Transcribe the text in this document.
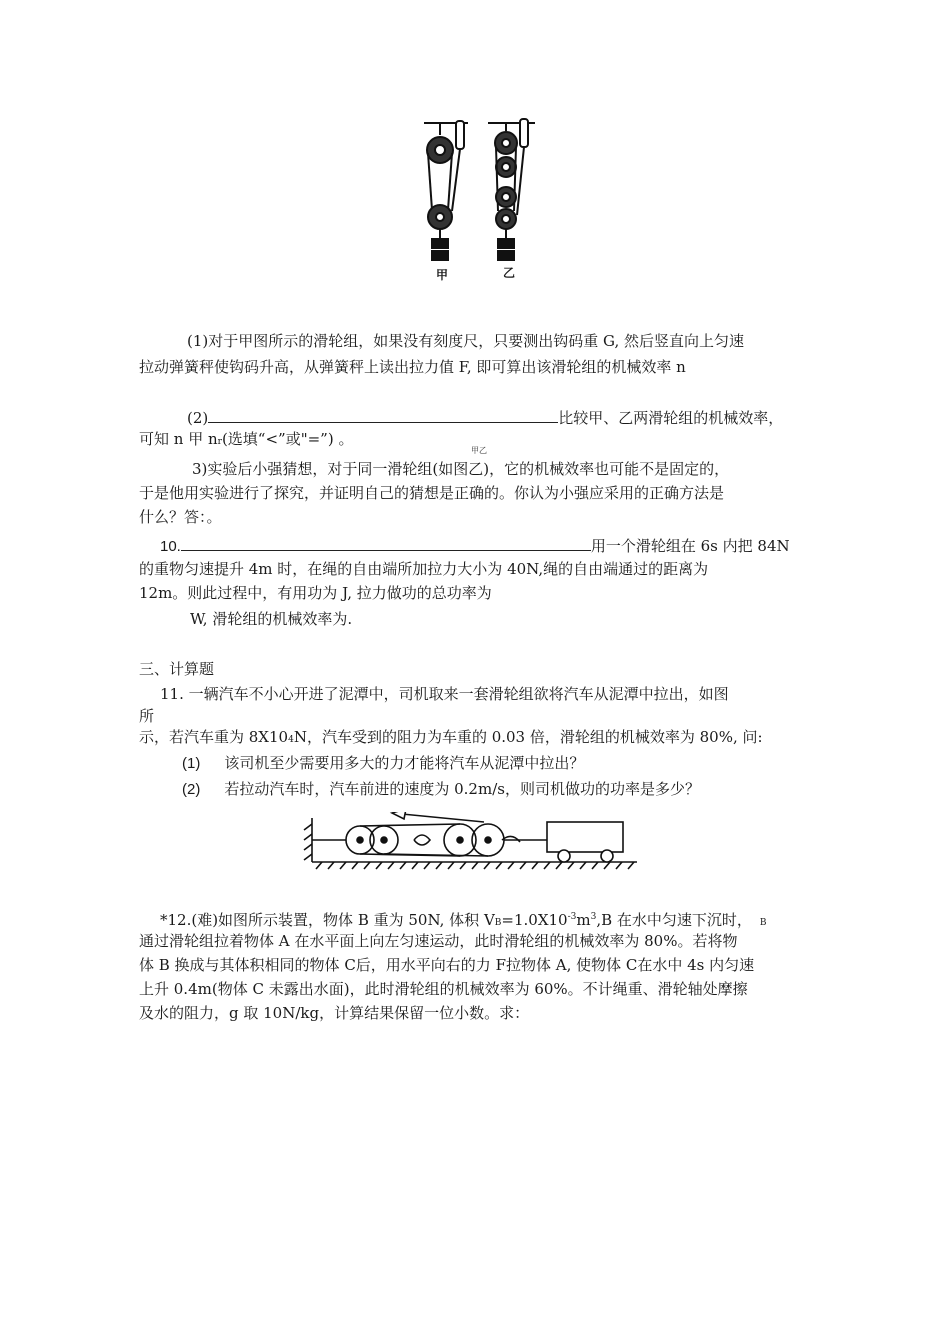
甲	乙
(1)对于甲图所示的滑轮组，如果没有刻度尺，只要测出钩码重 G, 然后竖直向上匀速
拉动弹簧秤使钩码升高，从弹簧秤上读出拉力值 F, 即可算出该滑轮组的机械效率 n
(2)	比较甲、乙两滑轮组的机械效率，
可知 n 甲 nr(选填“<”或"=”) 。
甲乙
3)实验后小强猜想，对于同一滑轮组(如图乙)，它的机械效率也可能不是固定的，
于是他用实验进行了探究，并证明自己的猜想是正确的。你认为小强应采用的正确方法是
什么？答：。
10.	用一个滑轮组在 6s 内把 84N
的重物匀速提升 4m 时，在绳的自由端所加拉力大小为 40N,绳的自由端通过的距离为
12m。则此过程中，有用功为 J, 拉力做功的总功率为
W, 滑轮组的机械效率为.
三、计算题
11. 一辆汽车不小心开进了泥潭中，司机取来一套滑轮组欲将汽车从泥潭中拉出，如图
所
示，若汽车重为 8X104N，汽车受到的阻力为车重的 0.03 倍，滑轮组的机械效率为 80%, 问:
(1) 该司机至少需要用多大的力才能将汽车从泥潭中拉出？
(2) 若拉动汽车时，汽车前进的速度为 0.2m/s，则司机做功的功率是多少？
*12.(难)如图所示装置，物体 B 重为 50N, 体积 $VB=1.0X10^{-3}m^3,B$ 在水中匀速下沉时， B
通过滑轮组拉着物体 A 在水平面上向左匀速运动，此时滑轮组的机械效率为 80%。若将物
体 B 换成与其体积相同的物体 C后，用水平向右的力 F拉物体 A, 使物体 C在水中 4s 内匀速
上升 0.4m(物体 C 未露出水面)，此时滑轮组的机械效率为 60%。不计绳重、滑轮轴处摩擦
及水的阻力，g 取 10N/kg，计算结果保留一位小数。求：
